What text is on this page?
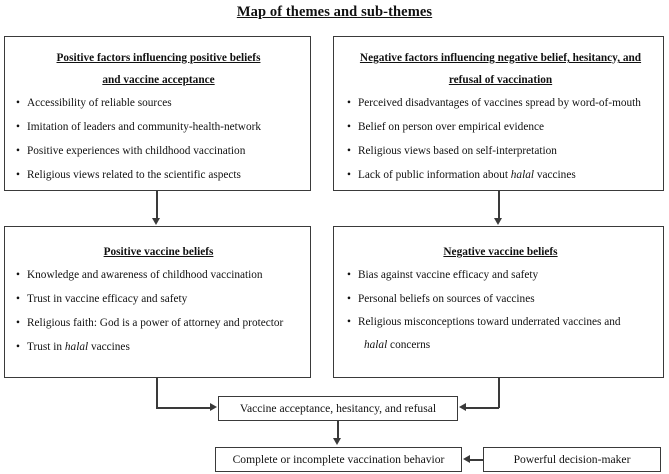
Map of themes and sub-themes
Positive factors influencing positive beliefs
and vaccine acceptance
• Accessibility of reliable sources
• Imitation of leaders and community-health-network
• Positive experiences with childhood vaccination
• Religious views related to the scientific aspects
Negative factors influencing negative belief, hesitancy, and
refusal of vaccination
• Perceived disadvantages of vaccines spread by word-of-mouth
• Belief on person over empirical evidence
• Religious views based on self-interpretation
• Lack of public information about halal vaccines
Positive vaccine beliefs
• Knowledge and awareness of childhood vaccination
• Trust in vaccine efficacy and safety
• Religious faith: God is a power of attorney and protector
• Trust in halal vaccines
Negative vaccine beliefs
• Bias against vaccine efficacy and safety
• Personal beliefs on sources of vaccines
• Religious misconceptions toward underrated vaccines and
halal concerns
Vaccine acceptance, hesitancy, and refusal
Complete or incomplete vaccination behavior	Powerful decision-maker
